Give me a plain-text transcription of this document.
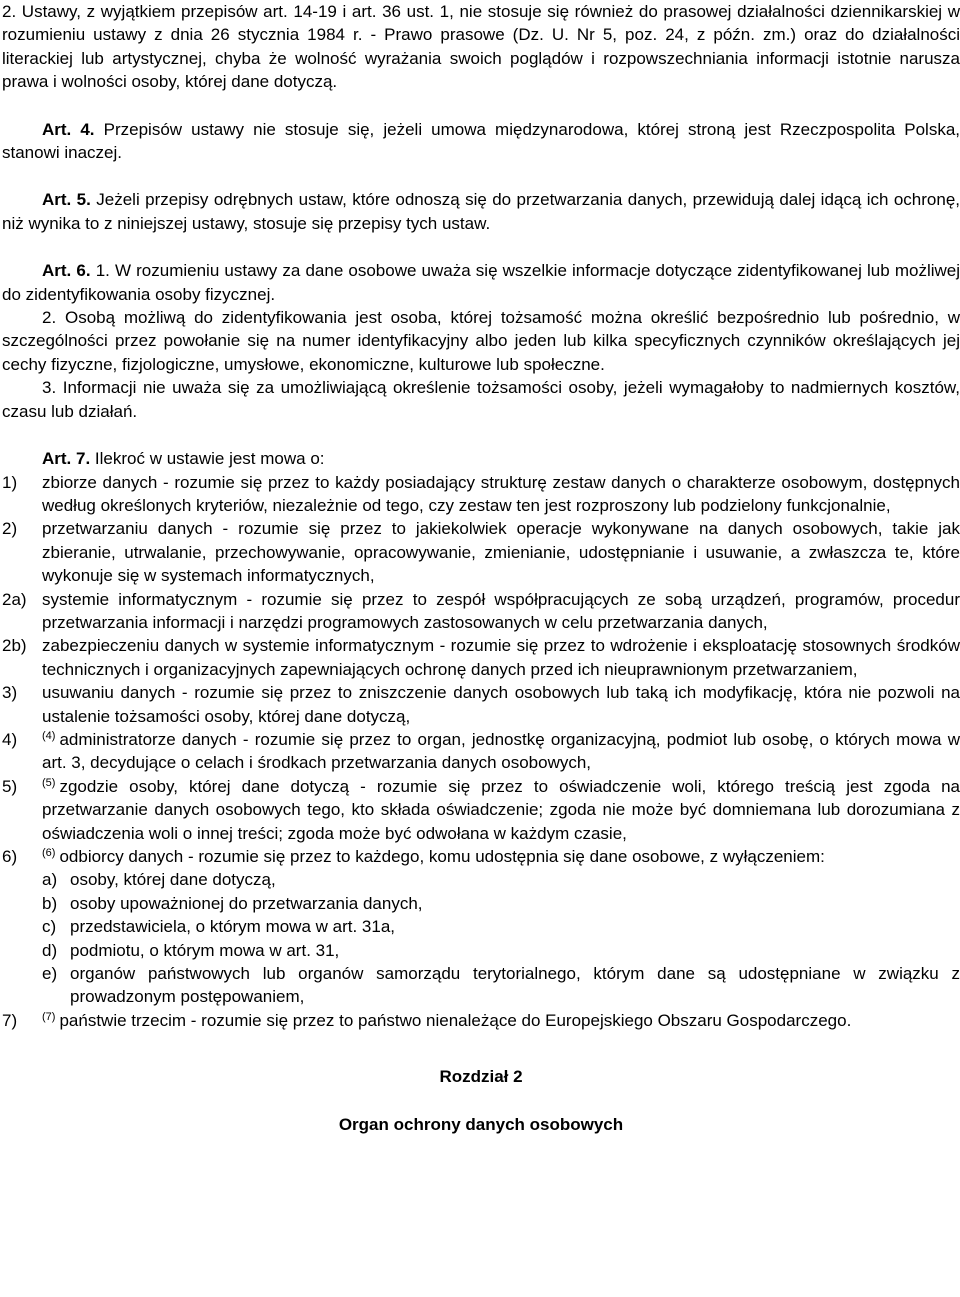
2. Ustawy, z wyjątkiem przepisów art. 14-19 i art. 36 ust. 1, nie stosuje się również do prasowej działalności dziennikarskiej w rozumieniu ustawy z dnia 26 stycznia 1984 r. - Prawo prasowe (Dz. U. Nr 5, poz. 24, z późn. zm.) oraz do działalności literackiej lub artystycznej, chyba że wolność wyrażania swoich poglądów i rozpowszechniania informacji istotnie narusza prawa i wolności osoby, której dane dotyczą.

Art. 4. Przepisów ustawy nie stosuje się, jeżeli umowa międzynarodowa, której stroną jest Rzeczpospolita Polska, stanowi inaczej.

Art. 5. Jeżeli przepisy odrębnych ustaw, które odnoszą się do przetwarzania danych, przewidują dalej idącą ich ochronę, niż wynika to z niniejszej ustawy, stosuje się przepisy tych ustaw.

Art. 6. 1. W rozumieniu ustawy za dane osobowe uważa się wszelkie informacje dotyczące zidentyfikowanej lub możliwej do zidentyfikowania osoby fizycznej.

2. Osobą możliwą do zidentyfikowania jest osoba, której tożsamość można określić bezpośrednio lub pośrednio, w szczególności przez powołanie się na numer identyfikacyjny albo jeden lub kilka specyficznych czynników określających jej cechy fizyczne, fizjologiczne, umysłowe, ekonomiczne, kulturowe lub społeczne.

3. Informacji nie uważa się za umożliwiającą określenie tożsamości osoby, jeżeli wymagałoby to nadmiernych kosztów, czasu lub działań.

Art. 7. Ilekroć w ustawie jest mowa o:

1)	zbiorze danych - rozumie się przez to każdy posiadający strukturę zestaw danych o charakterze osobowym, dostępnych według określonych kryteriów, niezależnie od tego, czy zestaw ten jest rozproszony lub podzielony funkcjonalnie,
2)	przetwarzaniu danych - rozumie się przez to jakiekolwiek operacje wykonywane na danych osobowych, takie jak zbieranie, utrwalanie, przechowywanie, opracowywanie, zmienianie, udostępnianie i usuwanie, a zwłaszcza te, które wykonuje się w systemach informatycznych,
2a) systemie informatycznym - rozumie się przez to zespół współpracujących ze sobą urządzeń, programów, procedur przetwarzania informacji i narzędzi programowych zastosowanych w celu przetwarzania danych,
2b) zabezpieczeniu danych w systemie informatycznym - rozumie się przez to wdrożenie i eksploatację stosownych środków technicznych i organizacyjnych zapewniających ochronę danych przed ich nieuprawnionym przetwarzaniem,
3)	usuwaniu danych - rozumie się przez to zniszczenie danych osobowych lub taką ich modyfikację, która nie pozwoli na ustalenie tożsamości osoby, której dane dotyczą,
4)	$^{(4)}$ administratorze danych - rozumie się przez to organ, jednostkę organizacyjną, podmiot lub osobę, o których mowa w art. 3, decydujące o celach i środkach przetwarzania danych osobowych,
5)	$^{(5)}$ zgodzie osoby, której dane dotyczą - rozumie się przez to oświadczenie woli, którego treścią jest zgoda na przetwarzanie danych osobowych tego, kto składa oświadczenie; zgoda nie może być domniemana lub dorozumiana z oświadczenia woli o innej treści; zgoda może być odwołana w każdym czasie,
6)	$^{(6)}$ odbiorcy danych - rozumie się przez to każdego, komu udostępnia się dane osobowe, z wyłączeniem:
a) osoby, której dane dotyczą,
b) osoby upoważnionej do przetwarzania danych,
c) przedstawiciela, o którym mowa w art. 31a,
d) podmiotu, o którym mowa w art. 31,
e) organów państwowych lub organów samorządu terytorialnego, którym dane są udostępniane w związku z prowadzonym postępowaniem,
7)	$^{(7)}$ państwie trzecim - rozumie się przez to państwo nienależące do Europejskiego Obszaru Gospodarczego.

Rozdział 2

Organ ochrony danych osobowych
